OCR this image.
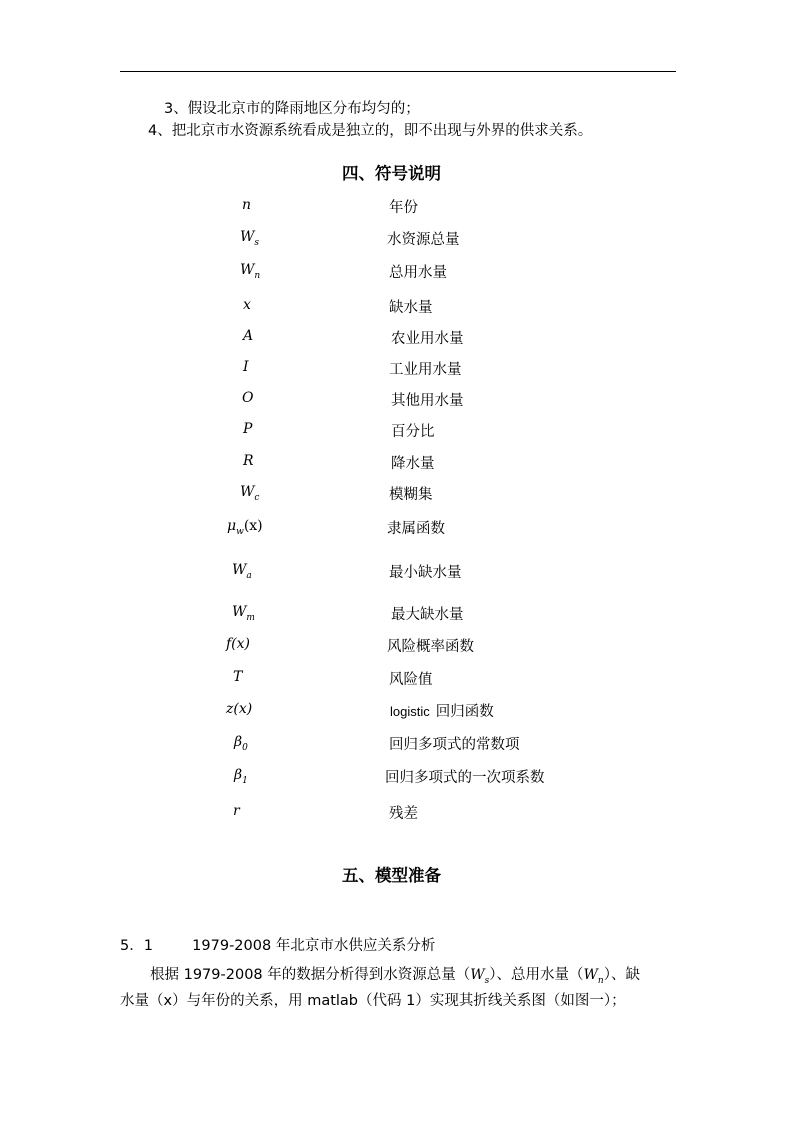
3、假设北京市的降雨地区分布均匀的；
4、把北京市水资源系统看成是独立的，即不出现与外界的供求关系。
四、符号说明
n	年份
$W_s$	水资源总量
$W_n$	总用水量
x	缺水量
A	农业用水量
I	工业用水量
O	其他用水量
P	百分比
R	降水量
$W_c$	模糊集
$\mu_w(x)$	隶属函数
$W_a$	最小缺水量
$W_m$	最大缺水量
f(x)	风险概率函数
T	风险值
z(x)	logistic 回归函数
$\beta_0$	回归多项式的常数项
$\beta_1$	回归多项式的一次项系数
r	残差
五、模型准备
5．1	1979-2008 年北京市水供应关系分析
根据 1979-2008 年的数据分析得到水资源总量$(W_s)$、总用水量$(W_n)$、缺
水量（x）与年份的关系，用 matlab（代码 1）实现其折线关系图（如图一）；
